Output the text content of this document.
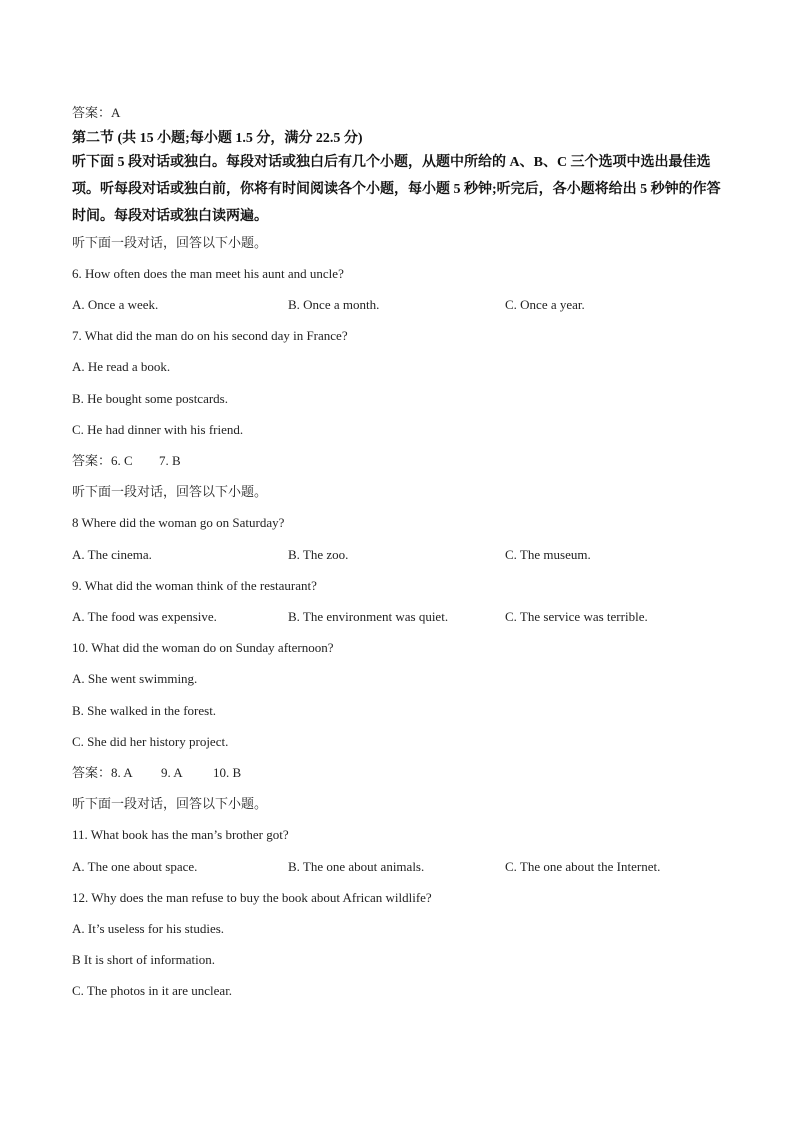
答案：A
第二节 (共 15 小题;每小题 1.5 分，满分 22.5 分)
听下面 5 段对话或独白。每段对话或独白后有几个小题，从题中所给的 A、B、C 三个选项中选出最佳选项。听每段对话或独白前，你将有时间阅读各个小题，每小题 5 秒钟;听完后，各小题将给出 5 秒钟的作答时间。每段对话或独白读两遍。
听下面一段对话，回答以下小题。
6. How often does the man meet his aunt and uncle?
A. Once a week.	B. Once a month.	C. Once a year.
7. What did the man do on his second day in France?
A. He read a book.
B. He bought some postcards.
C. He had dinner with his friend.
答案：6. C 7. B
听下面一段对话，回答以下小题。
8 Where did the woman go on Saturday?
A. The cinema.	B. The zoo.	C. The museum.
9. What did the woman think of the restaurant?
A. The food was expensive.	B. The environment was quiet.	C. The service was terrible.
10. What did the woman do on Sunday afternoon?
A. She went swimming.
B. She walked in the forest.
C. She did her history project.
答案：8. A 9. A 10. B
听下面一段对话，回答以下小题。
11. What book has the man’s brother got?
A. The one about space.	B. The one about animals.	C. The one about the Internet.
12. Why does the man refuse to buy the book about African wildlife?
A. It’s useless for his studies.
B It is short of information.
C. The photos in it are unclear.
